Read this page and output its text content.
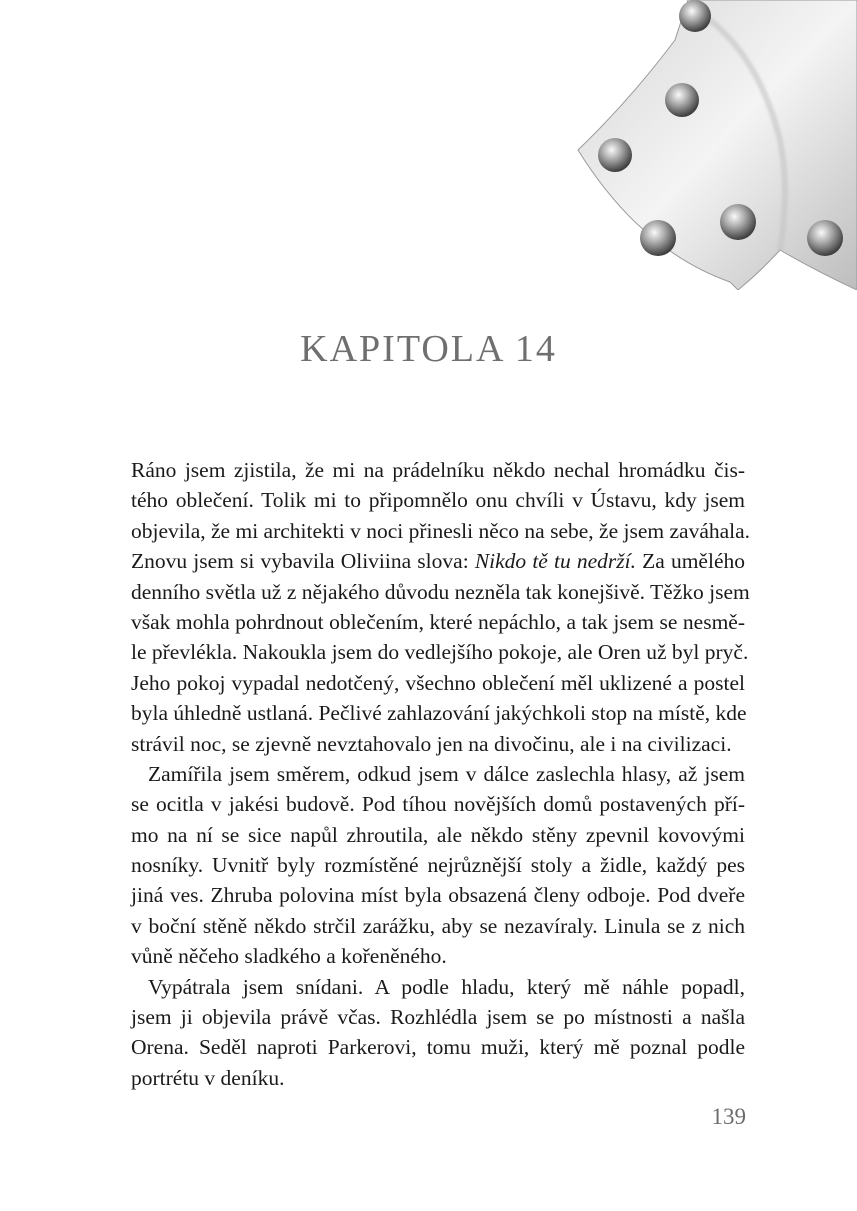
KAPITOLA 14
Ráno jsem zjistila, že mi na prádelníku někdo nechal hromádku čis-
tého oblečení. Tolik mi to připomnělo onu chvíli v Ústavu, kdy jsem
objevila, že mi architekti v noci přinesli něco na sebe, že jsem zaváhala.
Znovu jsem si vybavila Oliviina slova: Nikdo tě tu nedrží. Za umělého
denního světla už z nějakého důvodu nezněla tak konejšivě. Těžko jsem
však mohla pohrdnout oblečením, které nepáchlo, a tak jsem se nesmě-
le převlékla. Nakoukla jsem do vedlejšího pokoje, ale Oren už byl pryč.
Jeho pokoj vypadal nedotčený, všechno oblečení měl uklizené a postel
byla úhledně ustlaná. Pečlivé zahlazování jakýchkoli stop na místě, kde
strávil noc, se zjevně nevztahovalo jen na divočinu, ale i na civilizaci.
Zamířila jsem směrem, odkud jsem v dálce zaslechla hlasy, až jsem
se ocitla v jakési budově. Pod tíhou novějších domů postavených pří-
mo na ní se sice napůl zhroutila, ale někdo stěny zpevnil kovovými
nosníky. Uvnitř byly rozmístěné nejrůznější stoly a židle, každý pes
jiná ves. Zhruba polovina míst byla obsazená členy odboje. Pod dveře
v boční stěně někdo strčil zarážku, aby se nezavíraly. Linula se z nich
vůně něčeho sladkého a kořeněného.
Vypátrala jsem snídani. A podle hladu, který mě náhle popadl,
jsem ji objevila právě včas. Rozhlédla jsem se po místnosti a našla
Orena. Seděl naproti Parkerovi, tomu muži, který mě poznal podle
portrétu v deníku.
139
